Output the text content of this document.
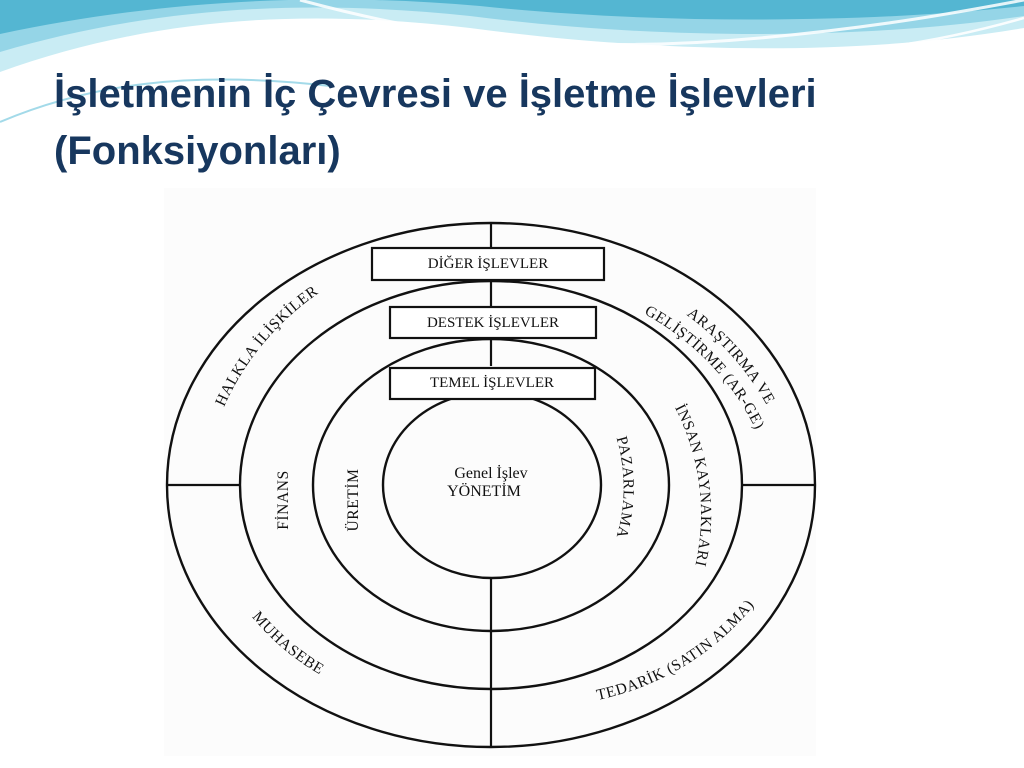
İşletmenin İç Çevresi ve İşletme İşlevleri
(Fonksiyonları)
DİĞER İŞLEVLER
DESTEK İŞLEVLER
TEMEL İŞLEVLER
Genel İşlev
YÖNETİM
ÜRETİM
PAZARLAMA
FİNANS
İNSAN KAYNAKLARI
HALKLA İLİŞKİLER
ARAŞTIRMA VE
GELİŞTİRME (AR-GE)
MUHASEBE
TEDARİK (SATIN ALMA)
